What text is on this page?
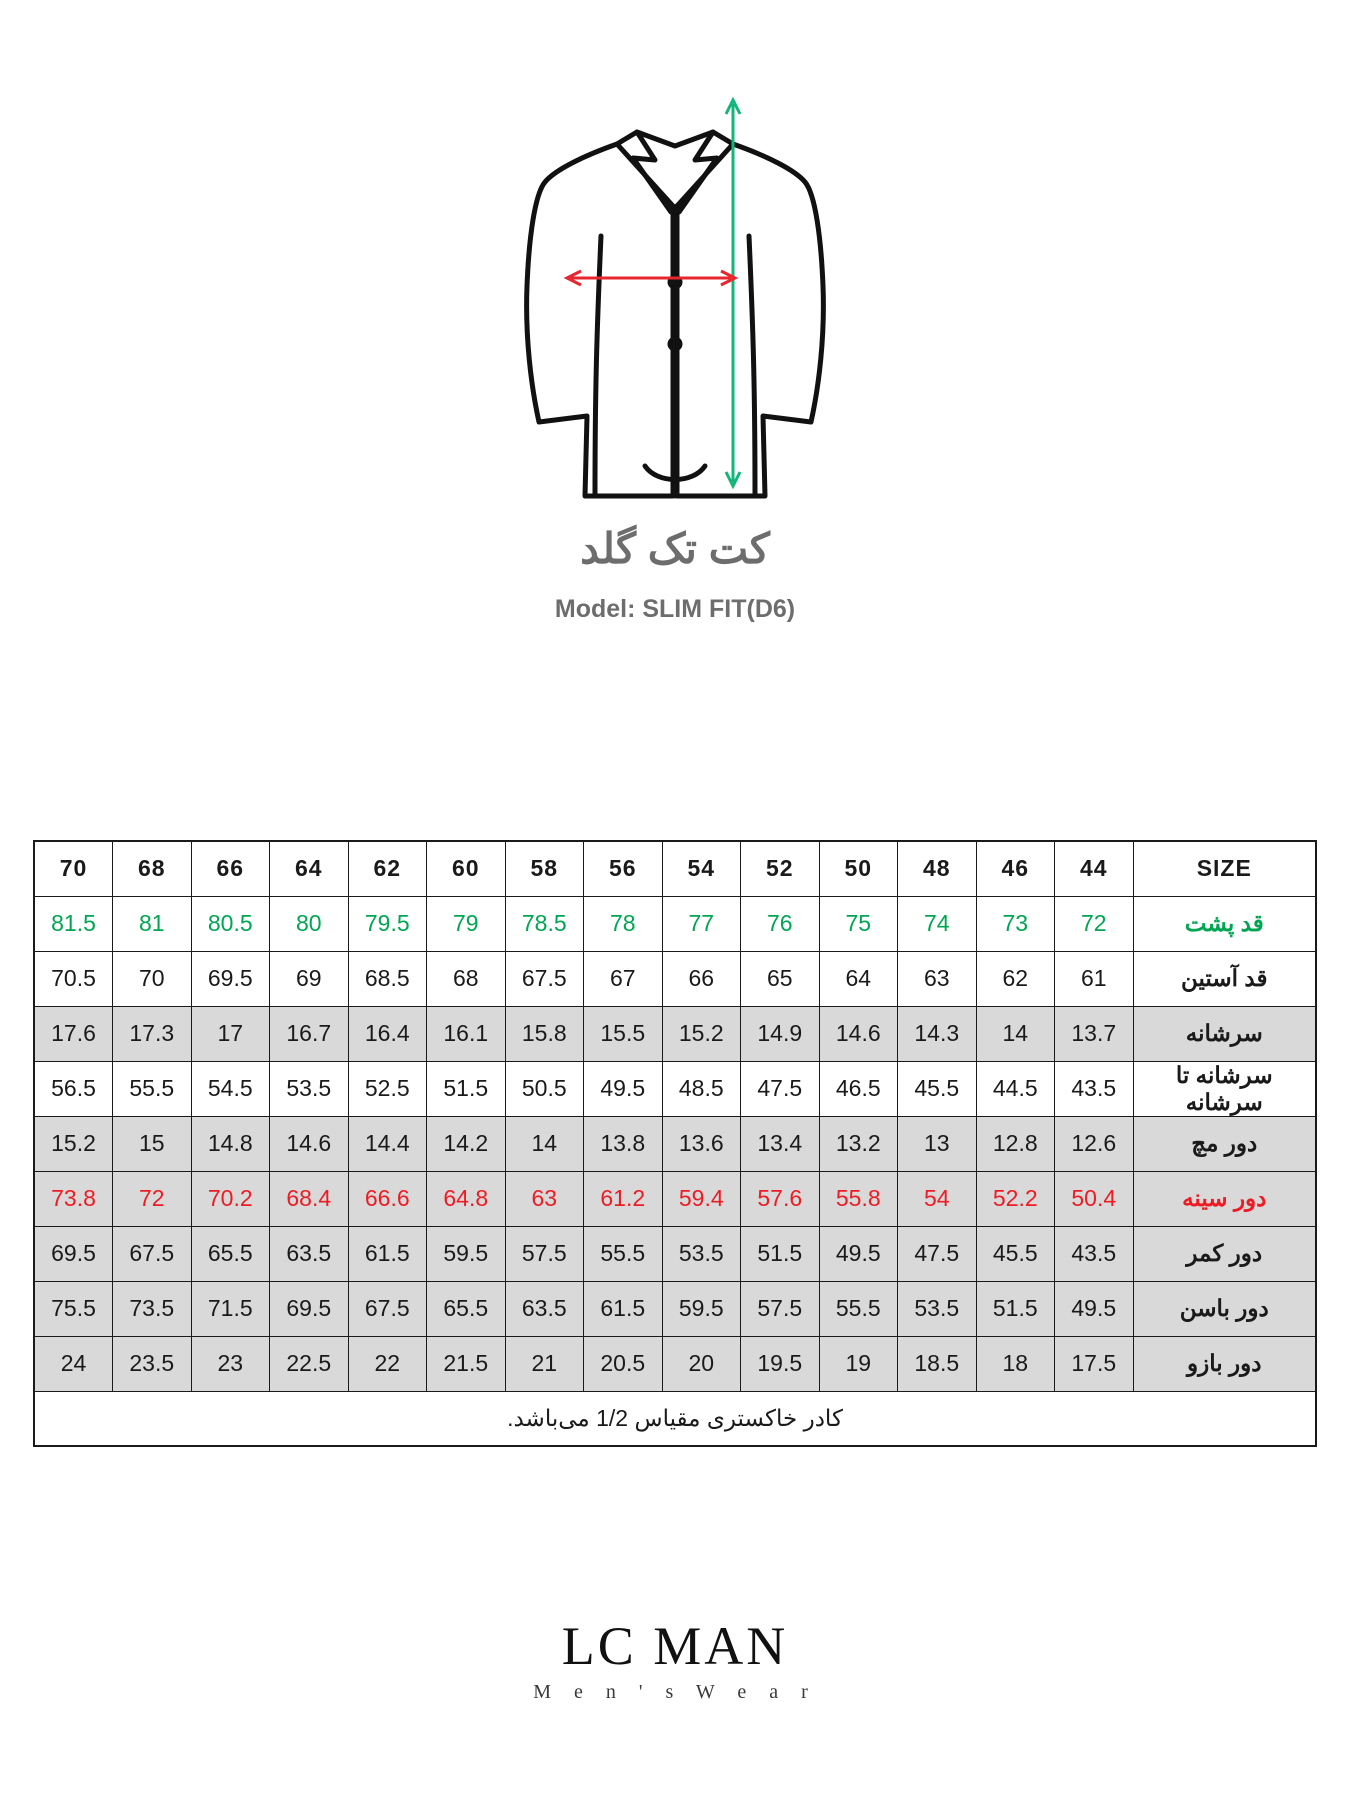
کت تک گلد
Model: SLIM FIT(D6)
70	68	66	64	62	60	58	56	54	52	50	48	46	44	SIZE
81.5	81	80.5	80	79.5	79	78.5	78	77	76	75	74	73	72	قد پشت
70.5	70	69.5	69	68.5	68	67.5	67	66	65	64	63	62	61	قد آستین
17.6	17.3	17	16.7	16.4	16.1	15.8	15.5	15.2	14.9	14.6	14.3	14	13.7	سرشانه
56.5	55.5	54.5	53.5	52.5	51.5	50.5	49.5	48.5	47.5	46.5	45.5	44.5	43.5	سرشانه تا سرشانه
15.2	15	14.8	14.6	14.4	14.2	14	13.8	13.6	13.4	13.2	13	12.8	12.6	دور مچ
73.8	72	70.2	68.4	66.6	64.8	63	61.2	59.4	57.6	55.8	54	52.2	50.4	دور سینه
69.5	67.5	65.5	63.5	61.5	59.5	57.5	55.5	53.5	51.5	49.5	47.5	45.5	43.5	دور کمر
75.5	73.5	71.5	69.5	67.5	65.5	63.5	61.5	59.5	57.5	55.5	53.5	51.5	49.5	دور باسن
24	23.5	23	22.5	22	21.5	21	20.5	20	19.5	19	18.5	18	17.5	دور بازو
کادر خاکستری مقیاس 1/2 می‌باشد.														
LC MAN
M e n ' s W e a r
